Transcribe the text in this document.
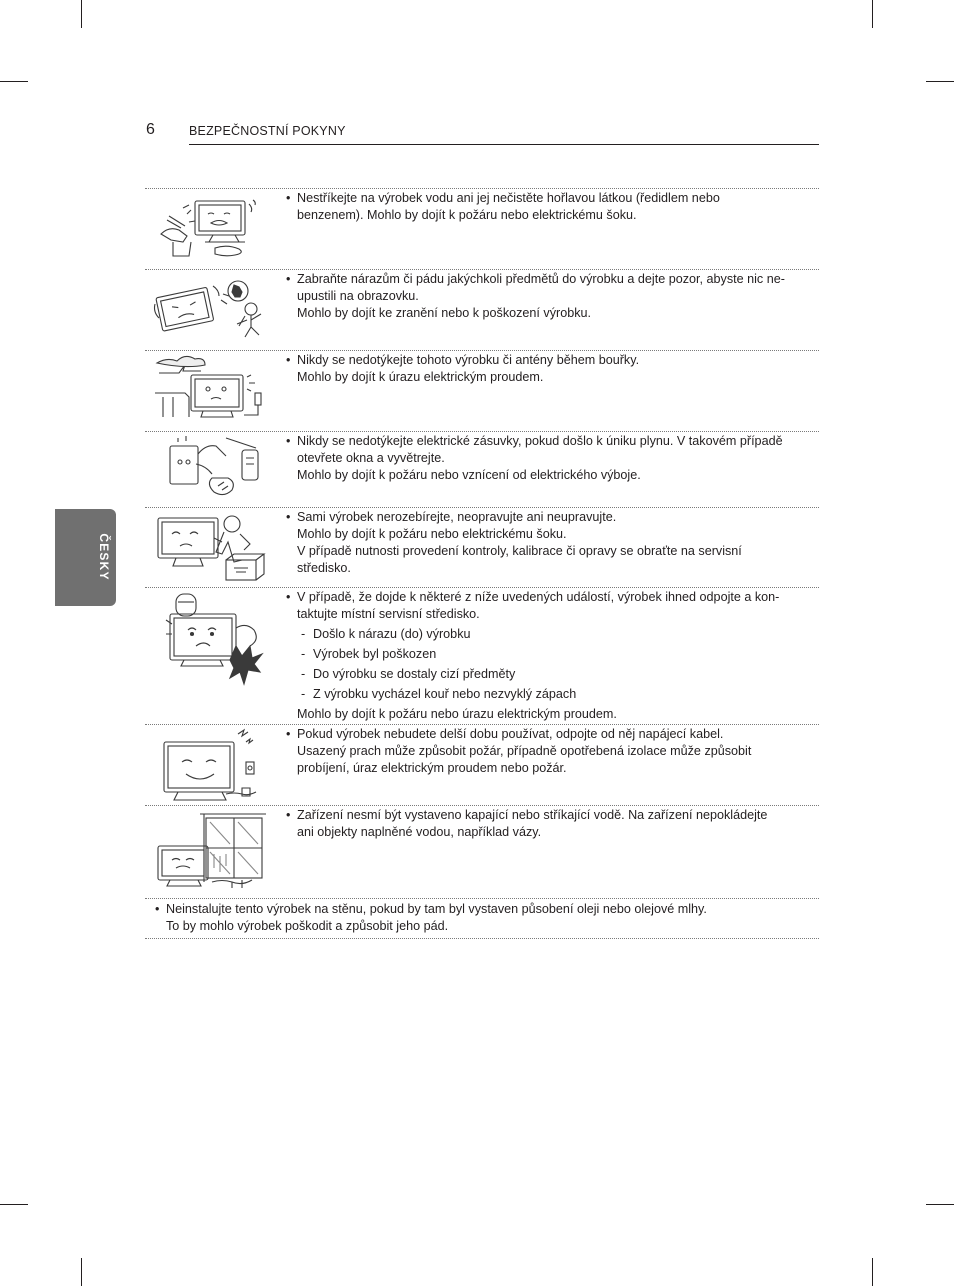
6	BEZPEČNOSTNÍ POKYNY
ČESKY
• Nestříkejte na výrobek vodu ani jej nečistěte hořlavou látkou (ředidlem nebo
benzenem). Mohlo by dojít k požáru nebo elektrickému šoku.
• Zabraňte nárazům či pádu jakýchkoli předmětů do výrobku a dejte pozor, abyste nic ne-
upustili na obrazovku.
Mohlo by dojít ke zranění nebo k poškození výrobku.
• Nikdy se nedotýkejte tohoto výrobku či antény během bouřky.
Mohlo by dojít k úrazu elektrickým proudem.
• Nikdy se nedotýkejte elektrické zásuvky, pokud došlo k úniku plynu. V takovém případě
otevřete okna a vyvětrejte.
Mohlo by dojít k požáru nebo vznícení od elektrického výboje.
• Sami výrobek nerozebírejte, neopravujte ani neupravujte.
Mohlo by dojít k požáru nebo elektrickému šoku.
V případě nutnosti provedení kontroly, kalibrace či opravy se obraťte na servisní
středisko.
• V případě, že dojde k některé z níže uvedených událostí, výrobek ihned odpojte a kon-
taktujte místní servisní středisko.
- Došlo k nárazu (do) výrobku
- Výrobek byl poškozen
- Do výrobku se dostaly cizí předměty
- Z výrobku vycházel kouř nebo nezvyklý zápach
Mohlo by dojít k požáru nebo úrazu elektrickým proudem.
• Pokud výrobek nebudete delší dobu používat, odpojte od něj napájecí kabel.
Usazený prach může způsobit požár, případně opotřebená izolace může způsobit
probíjení, úraz elektrickým proudem nebo požár.
• Zařízení nesmí být vystaveno kapající nebo stříkající vodě. Na zařízení nepokládejte
ani objekty naplněné vodou, například vázy.
• Neinstalujte tento výrobek na stěnu, pokud by tam byl vystaven působení oleji nebo olejové mlhy.
To by mohlo výrobek poškodit a způsobit jeho pád.
